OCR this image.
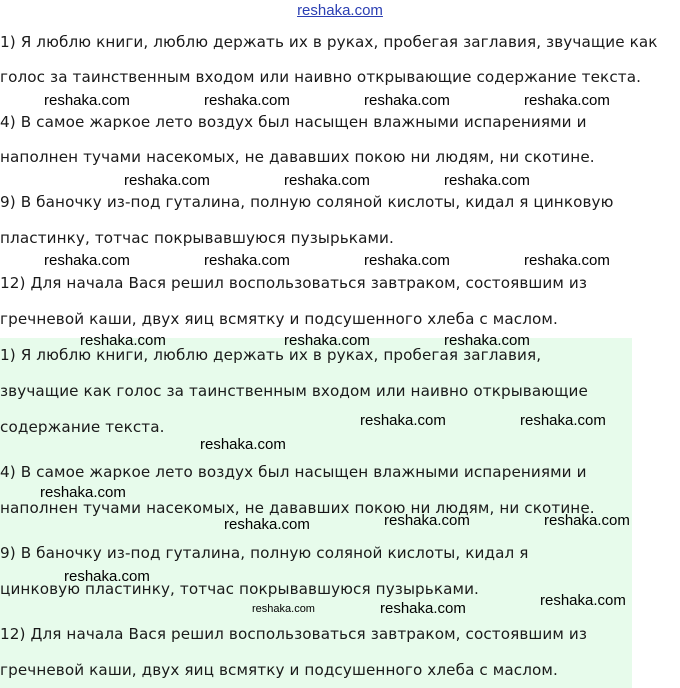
reshaka.com
1) Я люблю книги, люблю держать их в руках, пробегая заглавия, звучащие как
голос за таинственным входом или наивно открывающие содержание текста.
4) В самое жаркое лето воздух был насыщен влажными испарениями и
наполнен тучами насекомых, не дававших покою ни людям, ни скотине.
9) В баночку из-под гуталина, полную соляной кислоты, кидал я цинковую
пластинку, тотчас покрывавшуюся пузырьками.
12) Для начала Вася решил воспользоваться завтраком, состоявшим из
гречневой каши, двух яиц всмятку и подсушенного хлеба с маслом.
1) Я люблю книги, люблю держать их в руках, пробегая заглавия,
звучащие как голос за таинственным входом или наивно открывающие
содержание текста.
4) В самое жаркое лето воздух был насыщен влажными испарениями и
наполнен тучами насекомых, не дававших покою ни людям, ни скотине.
9) В баночку из-под гуталина, полную соляной кислоты, кидал я
цинковую пластинку, тотчас покрывавшуюся пузырьками.
12) Для начала Вася решил воспользоваться завтраком, состоявшим из
гречневой каши, двух яиц всмятку и подсушенного хлеба с маслом.
reshaka.com	reshaka.com	reshaka.com	reshaka.com
reshaka.com	reshaka.com	reshaka.com
reshaka.com	reshaka.com	reshaka.com	reshaka.com
reshaka.com	reshaka.com	reshaka.com
reshaka.com	reshaka.com
reshaka.com
reshaka.com
reshaka.com	reshaka.com	reshaka.com
reshaka.com
reshaka.com	reshaka.com	reshaka.com
